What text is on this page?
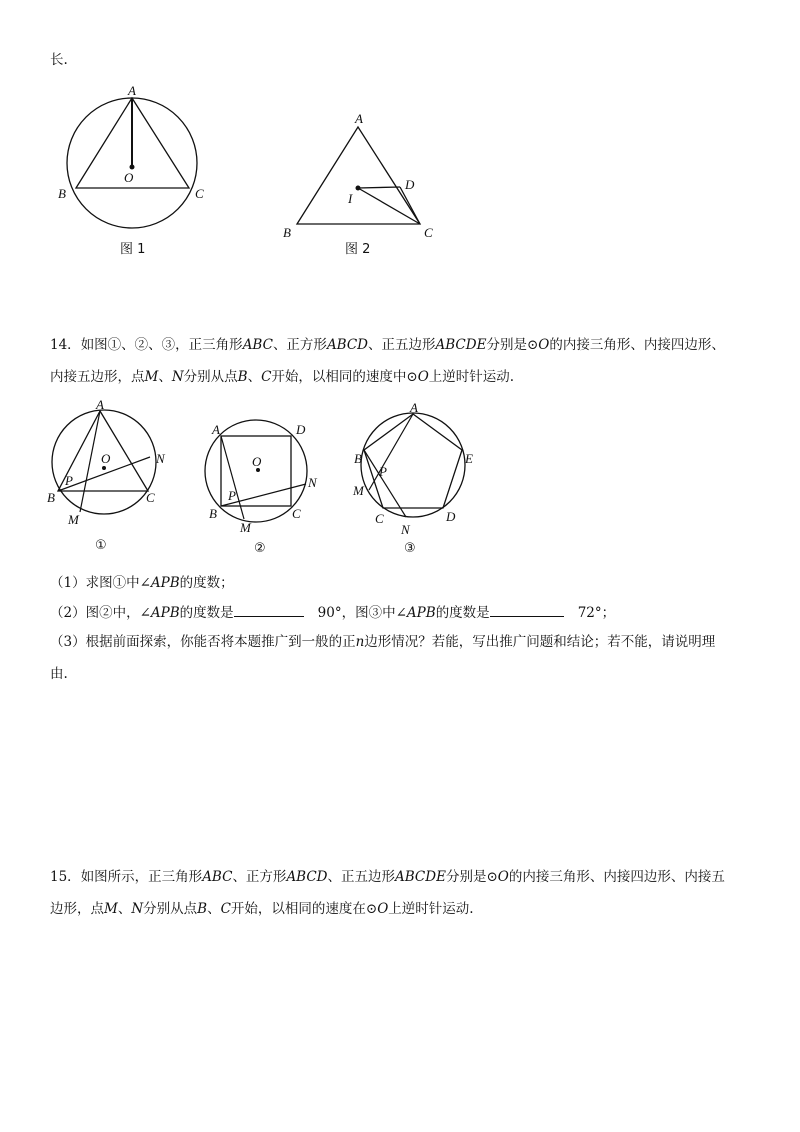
长.
A
B	C
O
图 1
A
B	C
D
I
图 2
A
B	C
O
P
M
N
①
A
B	C
D
O
P
M
N
②
A
B
C	D
E
P
M
N
③
14．如图①、②、③，正三角形ABC、正方形ABCD、正五边形ABCDE分别是⊙O的内接三角形、内接四边形、
内接五边形，点M、N分别从点B、C开始，以相同的速度中⊙O上逆时针运动.
（1）求图①中∠APB的度数；
（2）图②中，∠APB的度数是	90°，图③中∠APB的度数是	72°；
（3）根据前面探索，你能否将本题推广到一般的正n边形情况？若能，写出推广问题和结论；若不能，请说明理
由.
15．如图所示，正三角形ABC、正方形ABCD、正五边形ABCDE分别是⊙O的内接三角形、内接四边形、内接五
边形，点M、N分别从点B、C开始，以相同的速度在⊙O上逆时针运动.
